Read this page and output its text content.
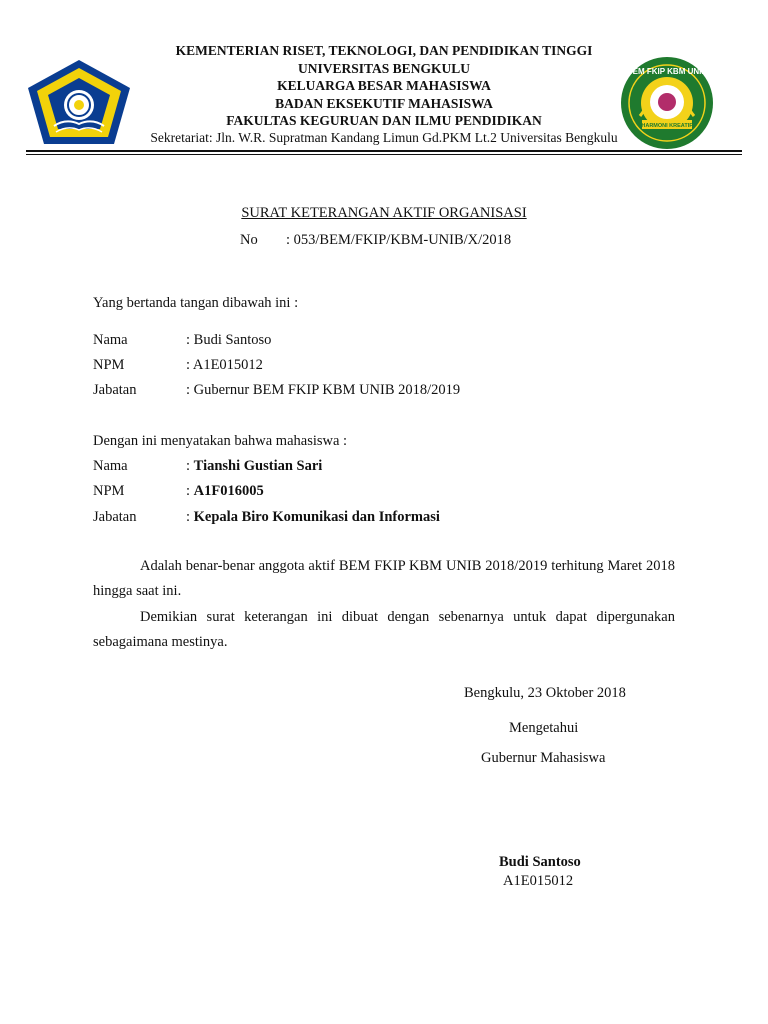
BEM FKIP KBM UNIB
HARMONI KREATIF
KEMENTERIAN RISET, TEKNOLOGI, DAN PENDIDIKAN TINGGI
UNIVERSITAS BENGKULU
KELUARGA BESAR MAHASISWA
BADAN EKSEKUTIF MAHASISWA
FAKULTAS KEGURUAN DAN ILMU PENDIDIKAN
Sekretariat: Jln. W.R. Supratman Kandang Limun Gd.PKM Lt.2 Universitas Bengkulu
SURAT KETERANGAN AKTIF ORGANISASI
No : 053/BEM/FKIP/KBM-UNIB/X/2018
Yang bertanda tangan dibawah ini :
Nama	: Budi Santoso
NPM	: A1E015012
Jabatan	: Gubernur BEM FKIP KBM UNIB 2018/2019
Dengan ini menyatakan bahwa mahasiswa :
Nama	: Tianshi Gustian Sari
NPM	: A1F016005
Jabatan	: Kepala Biro Komunikasi dan Informasi
Adalah benar-benar anggota aktif BEM FKIP KBM UNIB 2018/2019 terhitung Maret 2018 hingga saat ini.
Demikian surat keterangan ini dibuat dengan sebenarnya untuk dapat dipergunakan sebagaimana mestinya.
Bengkulu, 23 Oktober 2018
Mengetahui
Gubernur Mahasiswa
Budi Santoso
A1E015012
